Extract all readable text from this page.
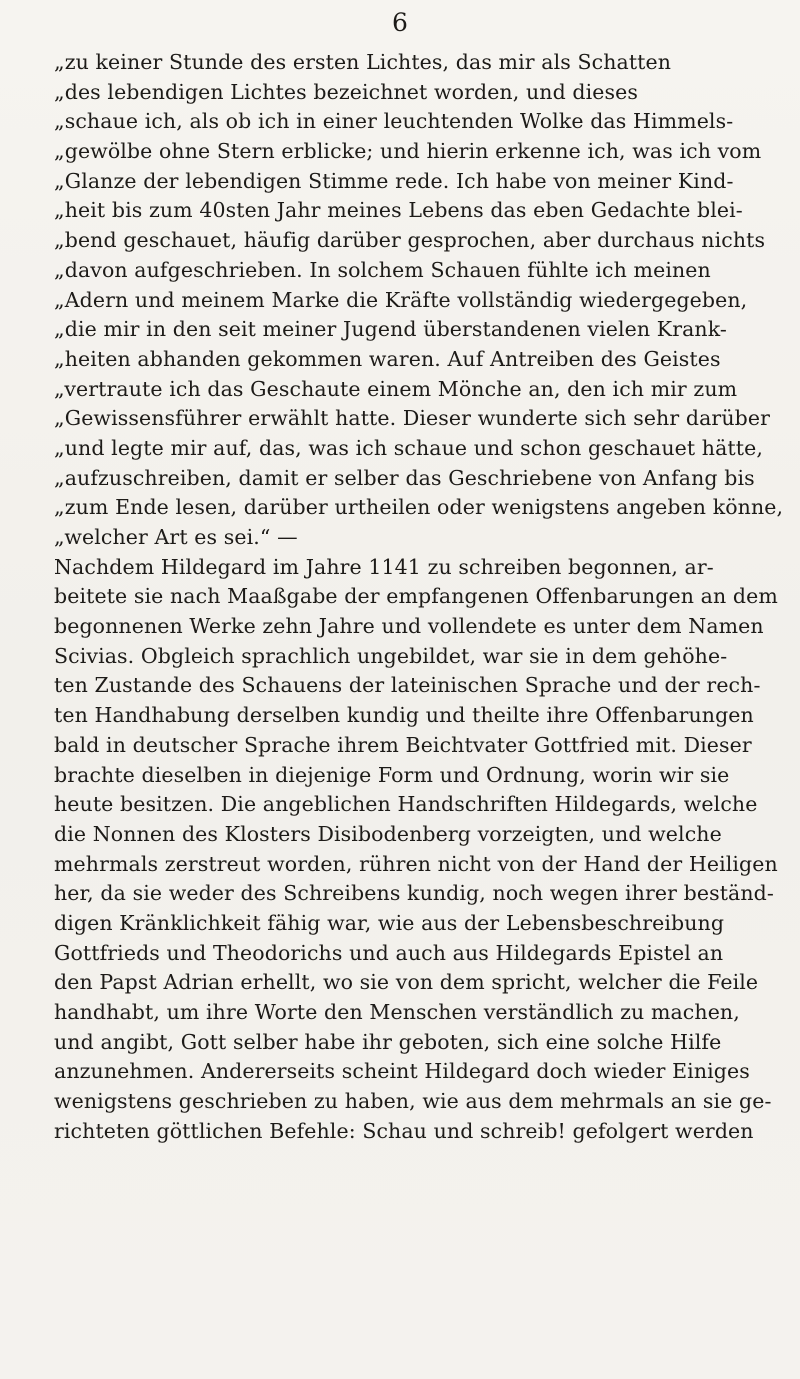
6
„zu keiner Stunde des ersten Lichtes, das mir als Schatten
„des lebendigen Lichtes bezeichnet worden, und dieses
„schaue ich, als ob ich in einer leuchtenden Wolke das Himmels-
„gewölbe ohne Stern erblicke; und hierin erkenne ich, was ich vom
„Glanze der lebendigen Stimme rede. Ich habe von meiner Kind-
„heit bis zum 40sten Jahr meines Lebens das eben Gedachte blei-
„bend geschauet, häufig darüber gesprochen, aber durchaus nichts
„davon aufgeschrieben. In solchem Schauen fühlte ich meinen
„Adern und meinem Marke die Kräfte vollständig wiedergegeben,
„die mir in den seit meiner Jugend überstandenen vielen Krank-
„heiten abhanden gekommen waren. Auf Antreiben des Geistes
„vertraute ich das Geschaute einem Mönche an, den ich mir zum
„Gewissensführer erwählt hatte. Dieser wunderte sich sehr darüber
„und legte mir auf, das, was ich schaue und schon geschauet hätte,
„aufzuschreiben, damit er selber das Geschriebene von Anfang bis
„zum Ende lesen, darüber urtheilen oder wenigstens angeben könne,
„welcher Art es sei.“ —
Nachdem Hildegard im Jahre 1141 zu schreiben begonnen, ar-
beitete sie nach Maaßgabe der empfangenen Offenbarungen an dem
begonnenen Werke zehn Jahre und vollendete es unter dem Namen
Scivias. Obgleich sprachlich ungebildet, war sie in dem gehöhe-
ten Zustande des Schauens der lateinischen Sprache und der rech-
ten Handhabung derselben kundig und theilte ihre Offenbarungen
bald in deutscher Sprache ihrem Beichtvater Gottfried mit. Dieser
brachte dieselben in diejenige Form und Ordnung, worin wir sie
heute besitzen. Die angeblichen Handschriften Hildegards, welche
die Nonnen des Klosters Disibodenberg vorzeigten, und welche
mehrmals zerstreut worden, rühren nicht von der Hand der Heiligen
her, da sie weder des Schreibens kundig, noch wegen ihrer beständ-
digen Kränklichkeit fähig war, wie aus der Lebensbeschreibung
Gottfrieds und Theodorichs und auch aus Hildegards Epistel an
den Papst Adrian erhellt, wo sie von dem spricht, welcher die Feile
handhabt, um ihre Worte den Menschen verständlich zu machen,
und angibt, Gott selber habe ihr geboten, sich eine solche Hilfe
anzunehmen. Andererseits scheint Hildegard doch wieder Einiges
wenigstens geschrieben zu haben, wie aus dem mehrmals an sie ge-
richteten göttlichen Befehle: Schau und schreib! gefolgert werden
